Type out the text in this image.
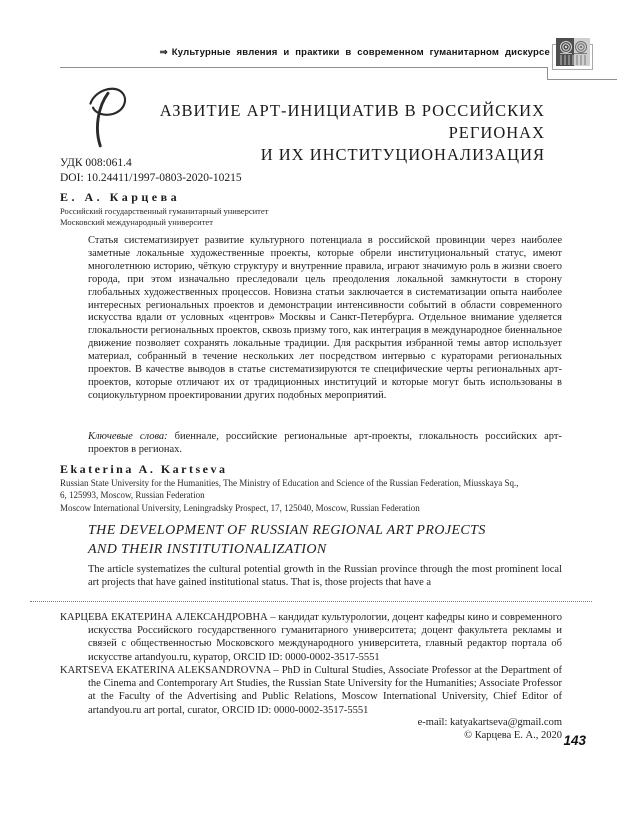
⇒ Культурные явления и практики в современном гуманитарном дискурсе
АЗВИТИЕ АРТ-ИНИЦИАТИВ В РОССИЙСКИХ РЕГИОНАХ
И ИХ ИНСТИТУЦИОНАЛИЗАЦИЯ
УДК 008:061.4
DOI: 10.24411/1997-0803-2020-10215
Е. А. Карцева
Российский государственный гуманитарный университет
Московский международный университет
Статья систематизирует развитие культурного потенциала в российской провинции через наиболее заметные локальные художественные проекты, которые обрели институциональный статус, имеют многолетнюю историю, чёткую структуру и внутренние правила, играют значимую роль в жизни своего города, при этом изначально преследовали цель преодоления локальной замкнутости в сторону глобальных художественных процессов. Новизна статьи заключается в систематизации опыта наиболее интересных региональных проектов и демонстрации интенсивности событий в области современного искусства вдали от условных «центров» Москвы и Санкт-Петербурга. Отдельное внимание уделяется глокальности региональных проектов, сквозь призму того, как интеграция в международное биеннальное движение позволяет сохранять локальные традиции. Для раскрытия избранной темы автор использует материал, собранный в течение нескольких лет посредством интервью с кураторами региональных проектов. В качестве выводов в статье систематизируются те специфические черты региональных арт-проектов, которые отличают их от традиционных институций и которые могут быть использованы в социокультурном проектировании других подобных мероприятий.
Ключевые слова: биеннале, российские региональные арт-проекты, глокальность российских арт-проектов в регионах.
Ekaterina A. Kartseva
Russian State University for the Humanities, The Ministry of Education and Science of the Russian Federation, Miusskaya Sq., 6, 125993, Moscow, Russian Federation
Moscow International University, Leningradsky Prospect, 17, 125040, Moscow, Russian Federation
THE DEVELOPMENT OF RUSSIAN REGIONAL ART PROJECTS
AND THEIR INSTITUTIONALIZATION
The article systematizes the cultural potential growth in the Russian province through the most prominent local art projects that have gained institutional status. That is, those projects that have a
КАРЦЕВА ЕКАТЕРИНА АЛЕКСАНДРОВНА – кандидат культурологии, доцент кафедры кино и современного искусства Российского государственного гуманитарного университета; доцент факультета рекламы и связей с общественностью Московского международного университета, главный редактор портала об искусстве artandyou.ru, куратор, ORCID ID: 0000-0002-3517-5551
KARTSEVA EKATERINA ALEKSANDROVNA – PhD in Cultural Studies, Associate Professor at the Department of the Cinema and Contemporary Art Studies, the Russian State University for the Humanities; Associate Professor at the Faculty of the Advertising and Public Relations, Moscow International University, Chief Editor of artandyou.ru art portal, curator, ORCID ID: 0000-0002-3517-5551
e-mail: katyakartseva@gmail.com
© Карцева Е. А., 2020 143
